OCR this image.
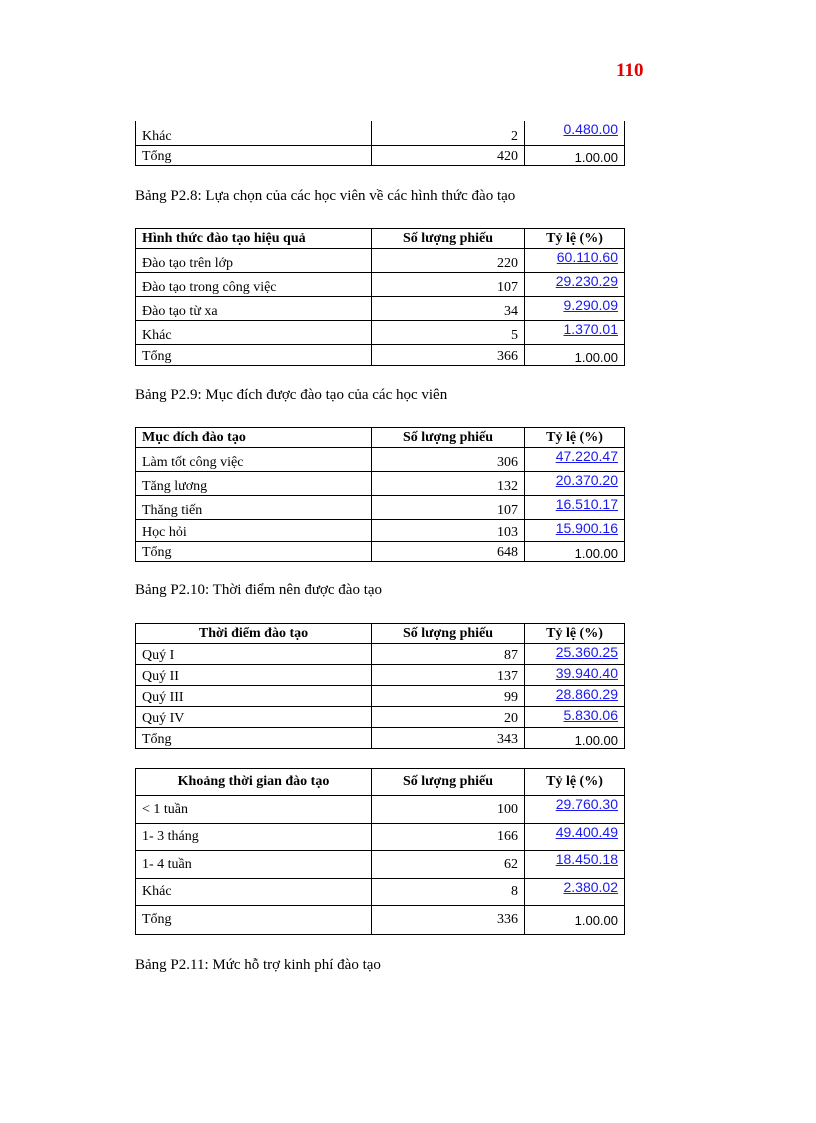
110
Khác	2	0.480.00
Tổng	420	1.00.00
Bảng P2.8: Lựa chọn của các học viên về các hình thức đào tạo
Hình thức đào tạo hiệu quả	Số lượng phiếu	Tỷ lệ (%)
Đào tạo trên lớp	220	60.110.60
Đào tạo trong công việc	107	29.230.29
Đào tạo từ xa	34	9.290.09
Khác	5	1.370.01
Tổng	366	1.00.00
Bảng P2.9: Mục đích được đào tạo của các học viên
Mục đích đào tạo	Số lượng phiếu	Tỷ lệ (%)
Làm tốt công việc	306	47.220.47
Tăng lương	132	20.370.20
Thăng tiến	107	16.510.17
Học hỏi	103	15.900.16
Tổng	648	1.00.00
Bảng P2.10: Thời điểm nên được đào tạo
Thời điểm đào tạo	Số lượng phiếu	Tỷ lệ (%)
Quý I	87	25.360.25
Quý II	137	39.940.40
Quý III	99	28.860.29
Quý IV	20	5.830.06
Tổng	343	1.00.00
Khoảng thời gian đào tạo	Số lượng phiếu	Tỷ lệ (%)
< 1 tuần	100	29.760.30
1- 3 tháng	166	49.400.49
1- 4 tuần	62	18.450.18
Khác	8	2.380.02
Tổng	336	1.00.00
Bảng P2.11: Mức hỗ trợ kinh phí đào tạo
